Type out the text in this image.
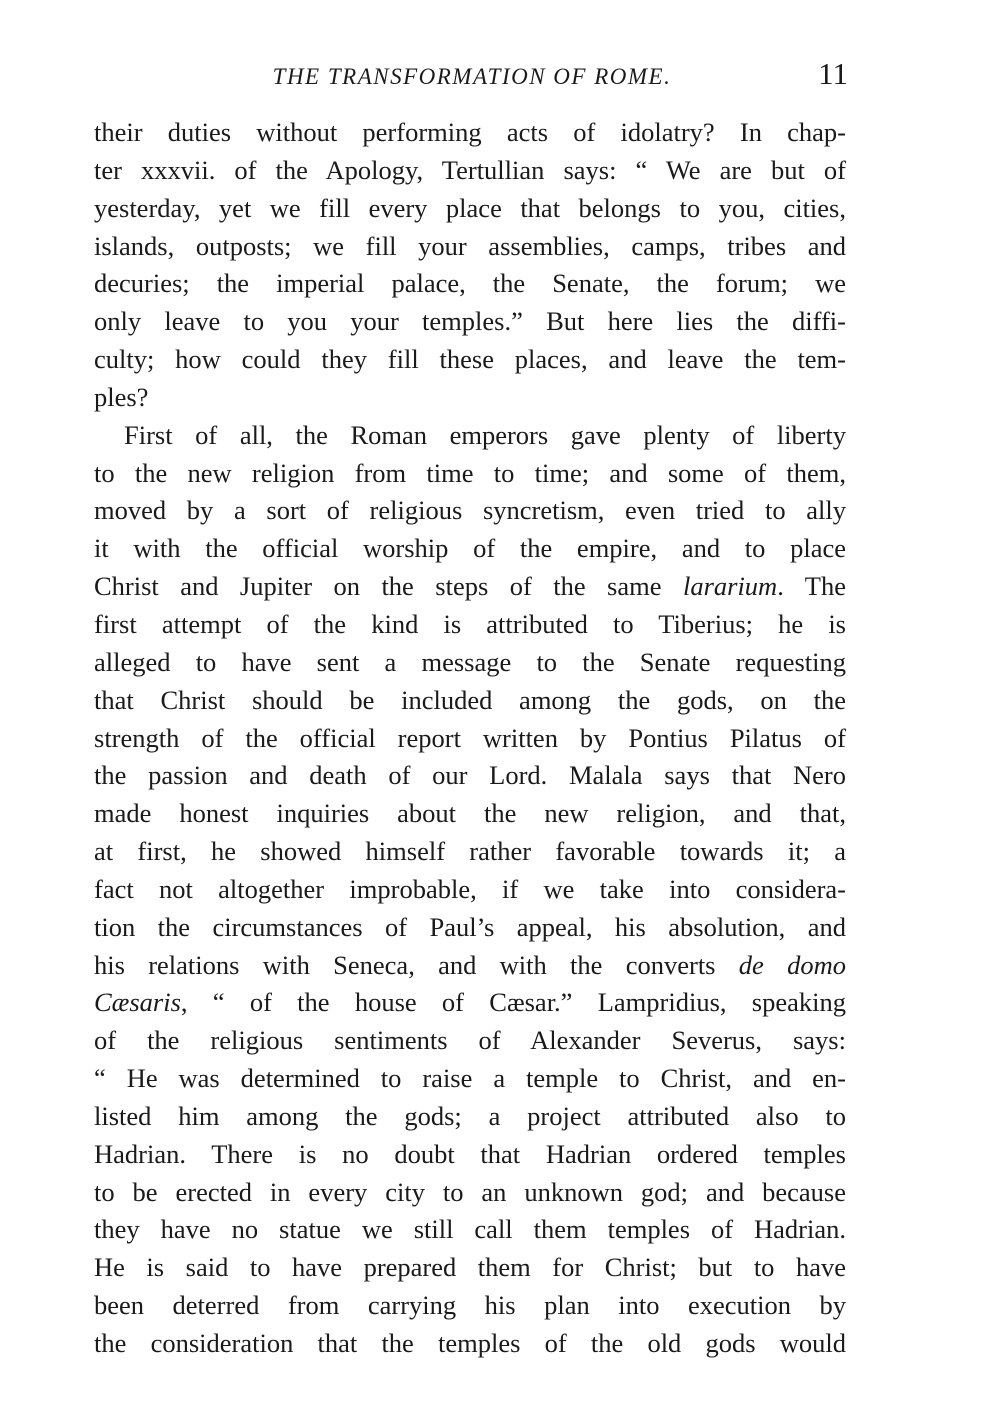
THE TRANSFORMATION OF ROME.	11
their duties without performing acts of idolatry? In chap-
ter xxxvii. of the Apology, Tertullian says: “ We are but of
yesterday, yet we fill every place that belongs to you, cities,
islands, outposts; we fill your assemblies, camps, tribes and
decuries; the imperial palace, the Senate, the forum; we
only leave to you your temples.” But here lies the diffi-
culty; how could they fill these places, and leave the tem-
ples?
First of all, the Roman emperors gave plenty of liberty
to the new religion from time to time; and some of them,
moved by a sort of religious syncretism, even tried to ally
it with the official worship of the empire, and to place
Christ and Jupiter on the steps of the same lararium. The
first attempt of the kind is attributed to Tiberius; he is
alleged to have sent a message to the Senate requesting
that Christ should be included among the gods, on the
strength of the official report written by Pontius Pilatus of
the passion and death of our Lord. Malala says that Nero
made honest inquiries about the new religion, and that,
at first, he showed himself rather favorable towards it; a
fact not altogether improbable, if we take into considera-
tion the circumstances of Paul’s appeal, his absolution, and
his relations with Seneca, and with the converts de domo
Cæsaris, “ of the house of Cæsar.” Lampridius, speaking
of the religious sentiments of Alexander Severus, says:
“ He was determined to raise a temple to Christ, and en-
listed him among the gods; a project attributed also to
Hadrian. There is no doubt that Hadrian ordered temples
to be erected in every city to an unknown god; and because
they have no statue we still call them temples of Hadrian.
He is said to have prepared them for Christ; but to have
been deterred from carrying his plan into execution by
the consideration that the temples of the old gods would
